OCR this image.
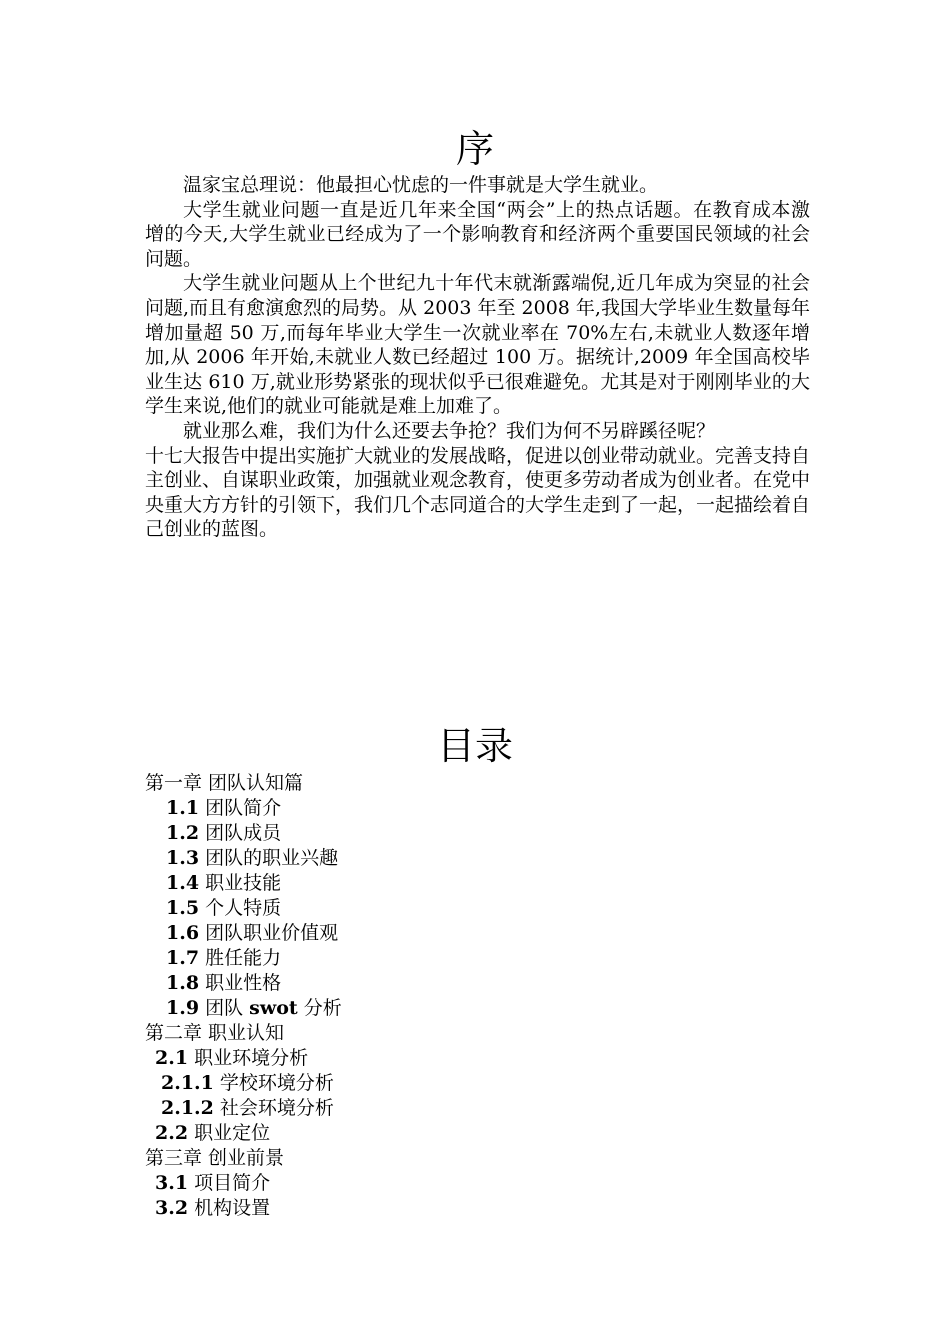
序

温家宝总理说：他最担心忧虑的一件事就是大学生就业。

大学生就业问题一直是近几年来全国“两会”上的热点话题。在教育成本激增的今天,大学生就业已经成为了一个影响教育和经济两个重要国民领域的社会问题。

大学生就业问题从上个世纪九十年代末就渐露端倪,近几年成为突显的社会问题,而且有愈演愈烈的局势。从 2003 年至 2008 年,我国大学毕业生数量每年增加量超 50 万,而每年毕业大学生一次就业率在 70%左右,未就业人数逐年增加,从 2006 年开始,未就业人数已经超过 100 万。据统计,2009 年全国高校毕业生达 610 万,就业形势紧张的现状似乎已很难避免。尤其是对于刚刚毕业的大学生来说,他们的就业可能就是难上加难了。

就业那么难，我们为什么还要去争抢？我们为何不另辟蹊径呢？

十七大报告中提出实施扩大就业的发展战略，促进以创业带动就业。完善支持自主创业、自谋职业政策，加强就业观念教育，使更多劳动者成为创业者。在党中央重大方方针的引领下，我们几个志同道合的大学生走到了一起，一起描绘着自己创业的蓝图。

目录
第一章 团队认知篇
1.1 团队简介
1.2 团队成员
1.3 团队的职业兴趣
1.4 职业技能
1.5 个人特质
1.6 团队职业价值观
1.7 胜任能力
1.8 职业性格
1.9 团队 swot 分析
第二章 职业认知
2.1 职业环境分析
2.1.1 学校环境分析
2.1.2 社会环境分析
2.2 职业定位
第三章 创业前景
3.1 项目简介
3.2 机构设置
